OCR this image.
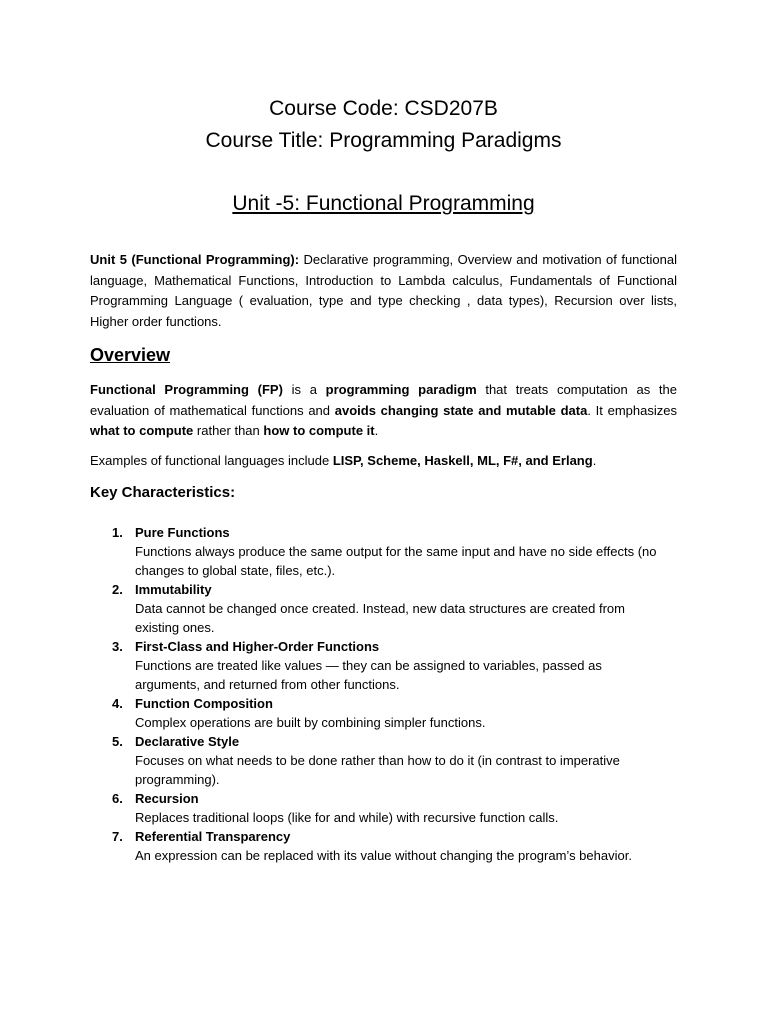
Course Code: CSD207B
Course Title: Programming Paradigms
Unit -5: Functional Programming

Unit 5 (Functional Programming): Declarative programming, Overview and motivation of functional language, Mathematical Functions, Introduction to Lambda calculus, Fundamentals of Functional Programming Language ( evaluation, type and type checking , data types), Recursion over lists, Higher order functions.

Overview

Functional Programming (FP) is a programming paradigm that treats computation as the evaluation of mathematical functions and avoids changing state and mutable data. It emphasizes what to compute rather than how to compute it.

Examples of functional languages include LISP, Scheme, Haskell, ML, F#, and Erlang.

Key Characteristics:
1. Pure Functions
Functions always produce the same output for the same input and have no side effects (no changes to global state, files, etc.).
2. Immutability
Data cannot be changed once created. Instead, new data structures are created from existing ones.
3. First-Class and Higher-Order Functions
Functions are treated like values — they can be assigned to variables, passed as arguments, and returned from other functions.
4. Function Composition
Complex operations are built by combining simpler functions.
5. Declarative Style
Focuses on what needs to be done rather than how to do it (in contrast to imperative programming).
6. Recursion
Replaces traditional loops (like for and while) with recursive function calls.
7. Referential Transparency
An expression can be replaced with its value without changing the program’s behavior.
